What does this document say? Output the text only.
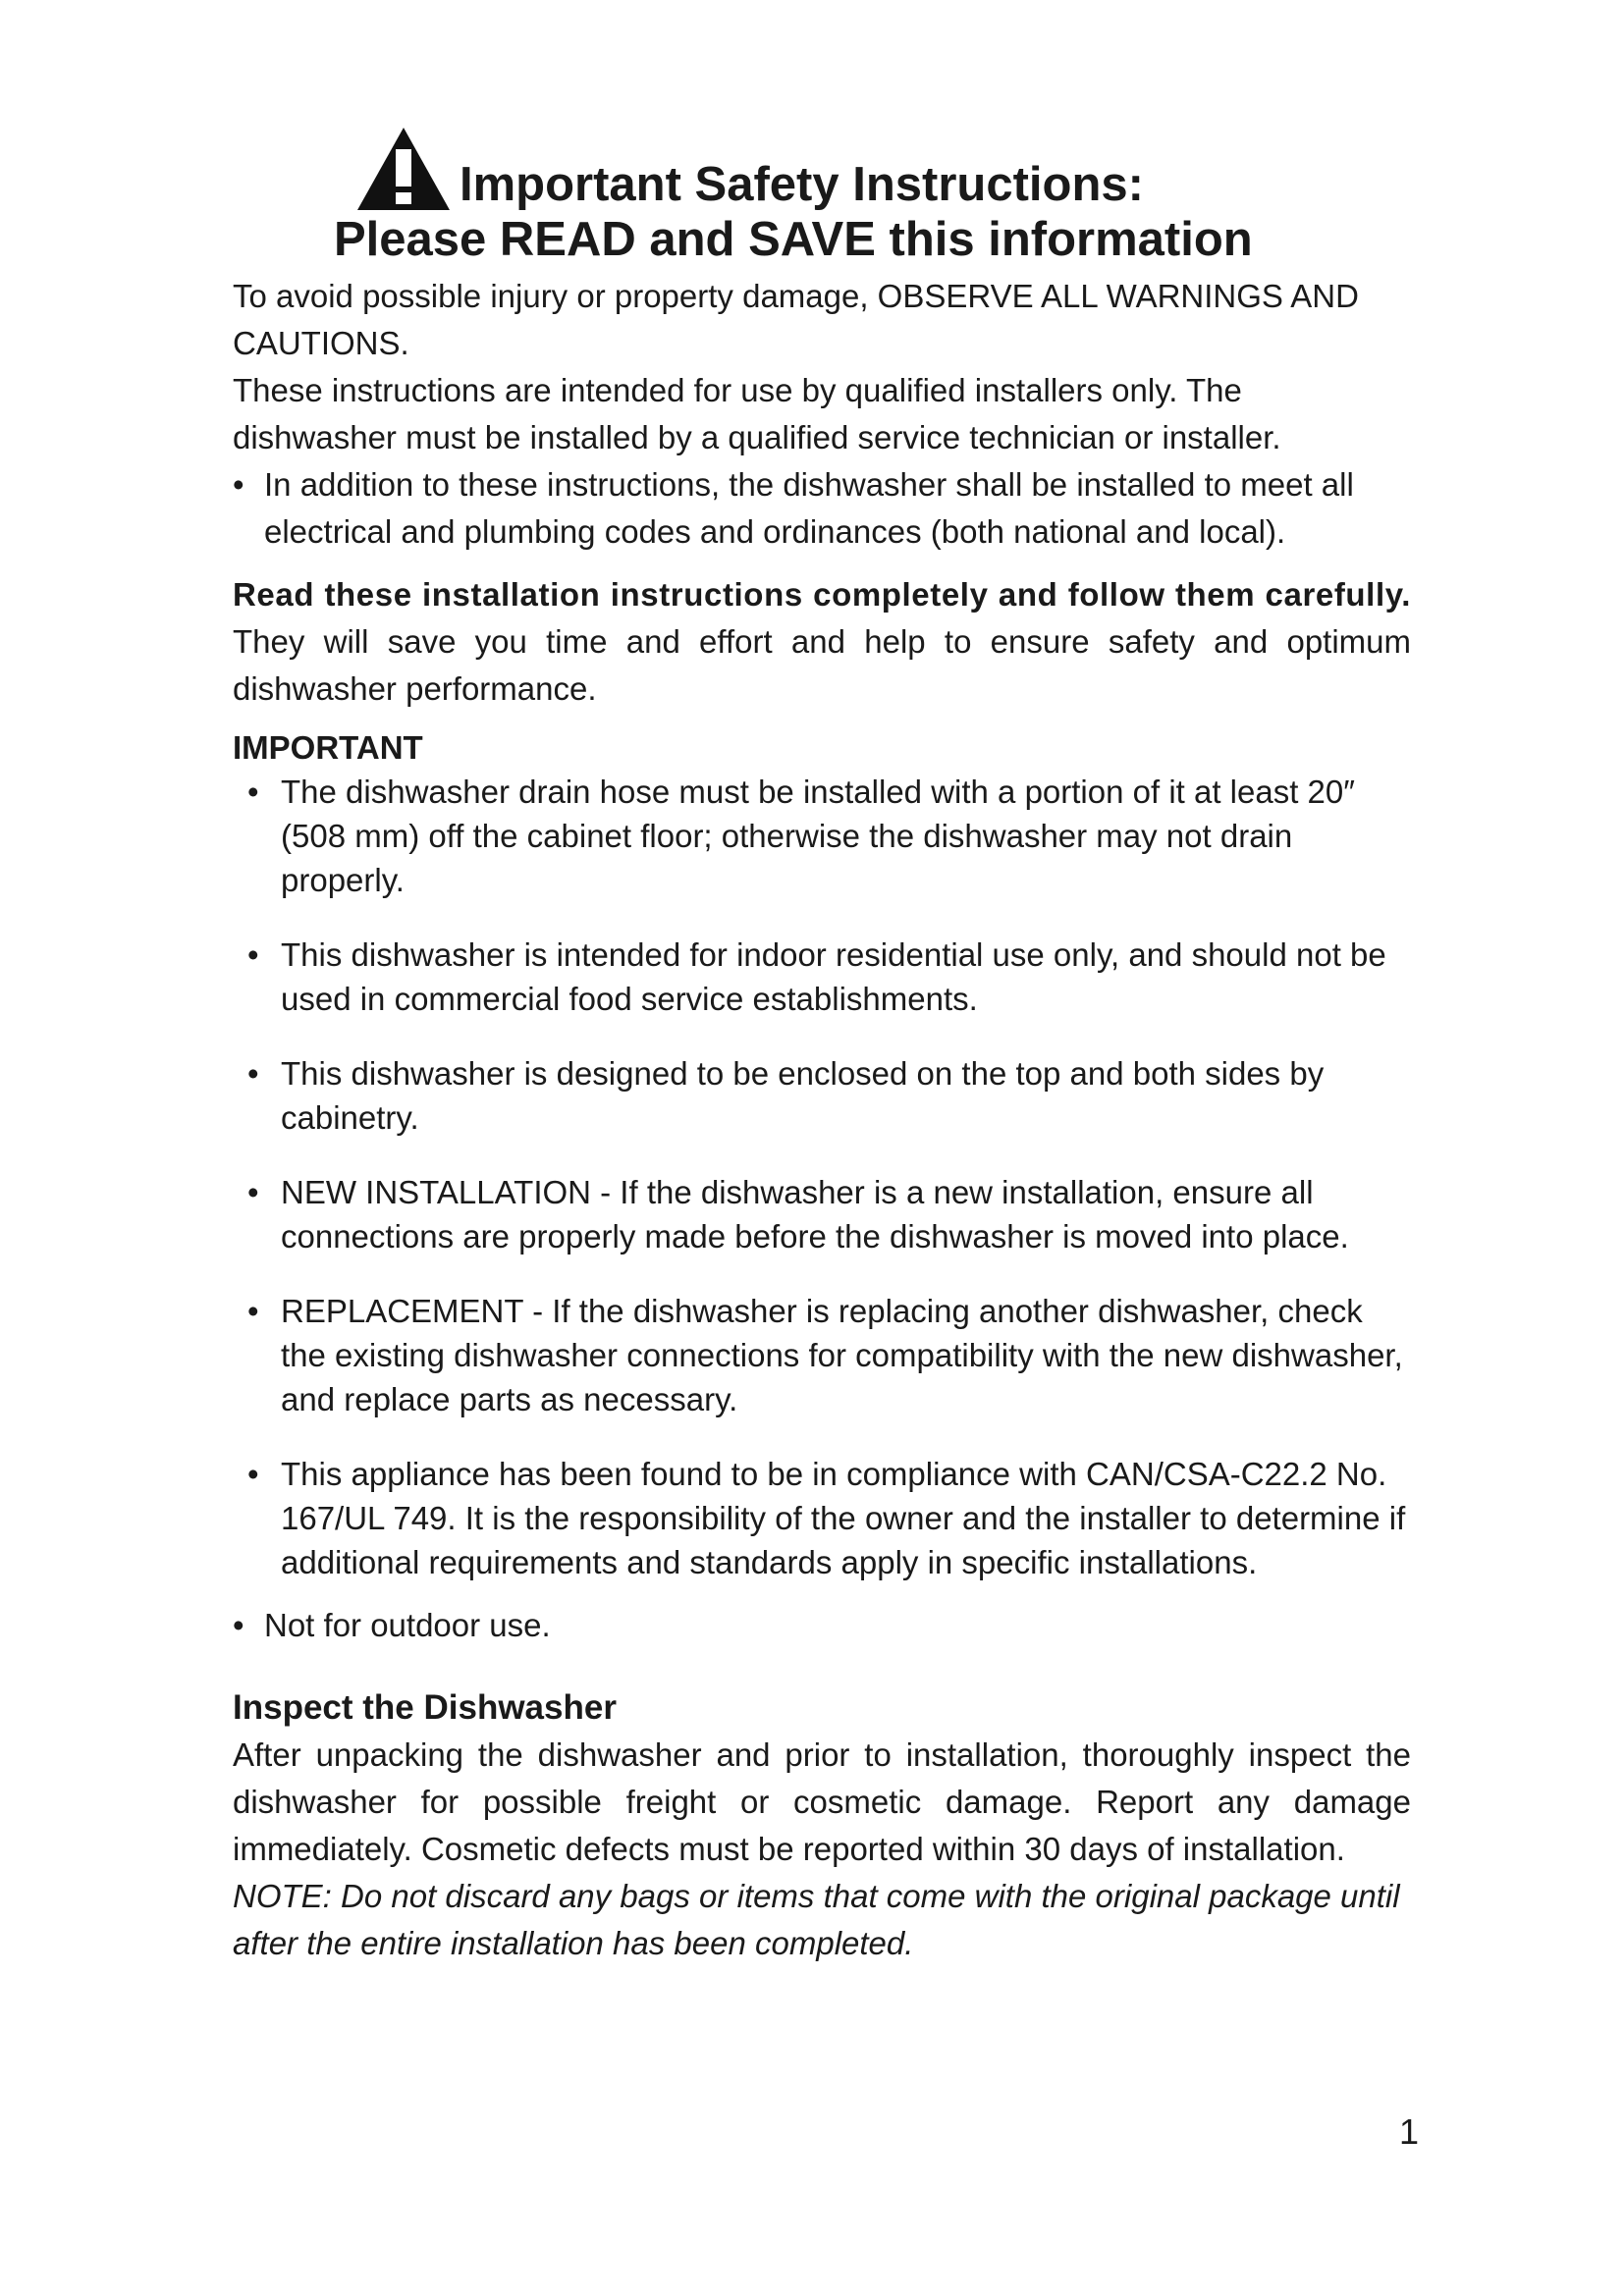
Important Safety Instructions:
Please READ and SAVE this information

To avoid possible injury or property damage, OBSERVE ALL WARNINGS AND CAUTIONS.

These instructions are intended for use by qualified installers only. The dishwasher must be installed by a qualified service technician or installer.

• In addition to these instructions, the dishwasher shall be installed to meet all electrical and plumbing codes and ordinances (both national and local).

Read these installation instructions completely and follow them carefully. They will save you time and effort and help to ensure safety and optimum dishwasher performance.

IMPORTANT
• The dishwasher drain hose must be installed with a portion of it at least 20″ (508 mm) off the cabinet floor; otherwise the dishwasher may not drain properly.
• This dishwasher is intended for indoor residential use only, and should not be used in commercial food service establishments.
• This dishwasher is designed to be enclosed on the top and both sides by cabinetry.
• NEW INSTALLATION - If the dishwasher is a new installation, ensure all connections are properly made before the dishwasher is moved into place.
• REPLACEMENT - If the dishwasher is replacing another dishwasher, check the existing dishwasher connections for compatibility with the new dishwasher, and replace parts as necessary.
• This appliance has been found to be in compliance with CAN/CSA-C22.2 No. 167/UL 749. It is the responsibility of the owner and the installer to determine if additional requirements and standards apply in specific installations.
• Not for outdoor use.
Inspect the Dishwasher

After unpacking the dishwasher and prior to installation, thoroughly inspect the dishwasher for possible freight or cosmetic damage. Report any damage immediately. Cosmetic defects must be reported within 30 days of installation.

NOTE: Do not discard any bags or items that come with the original package until after the entire installation has been completed.

1
